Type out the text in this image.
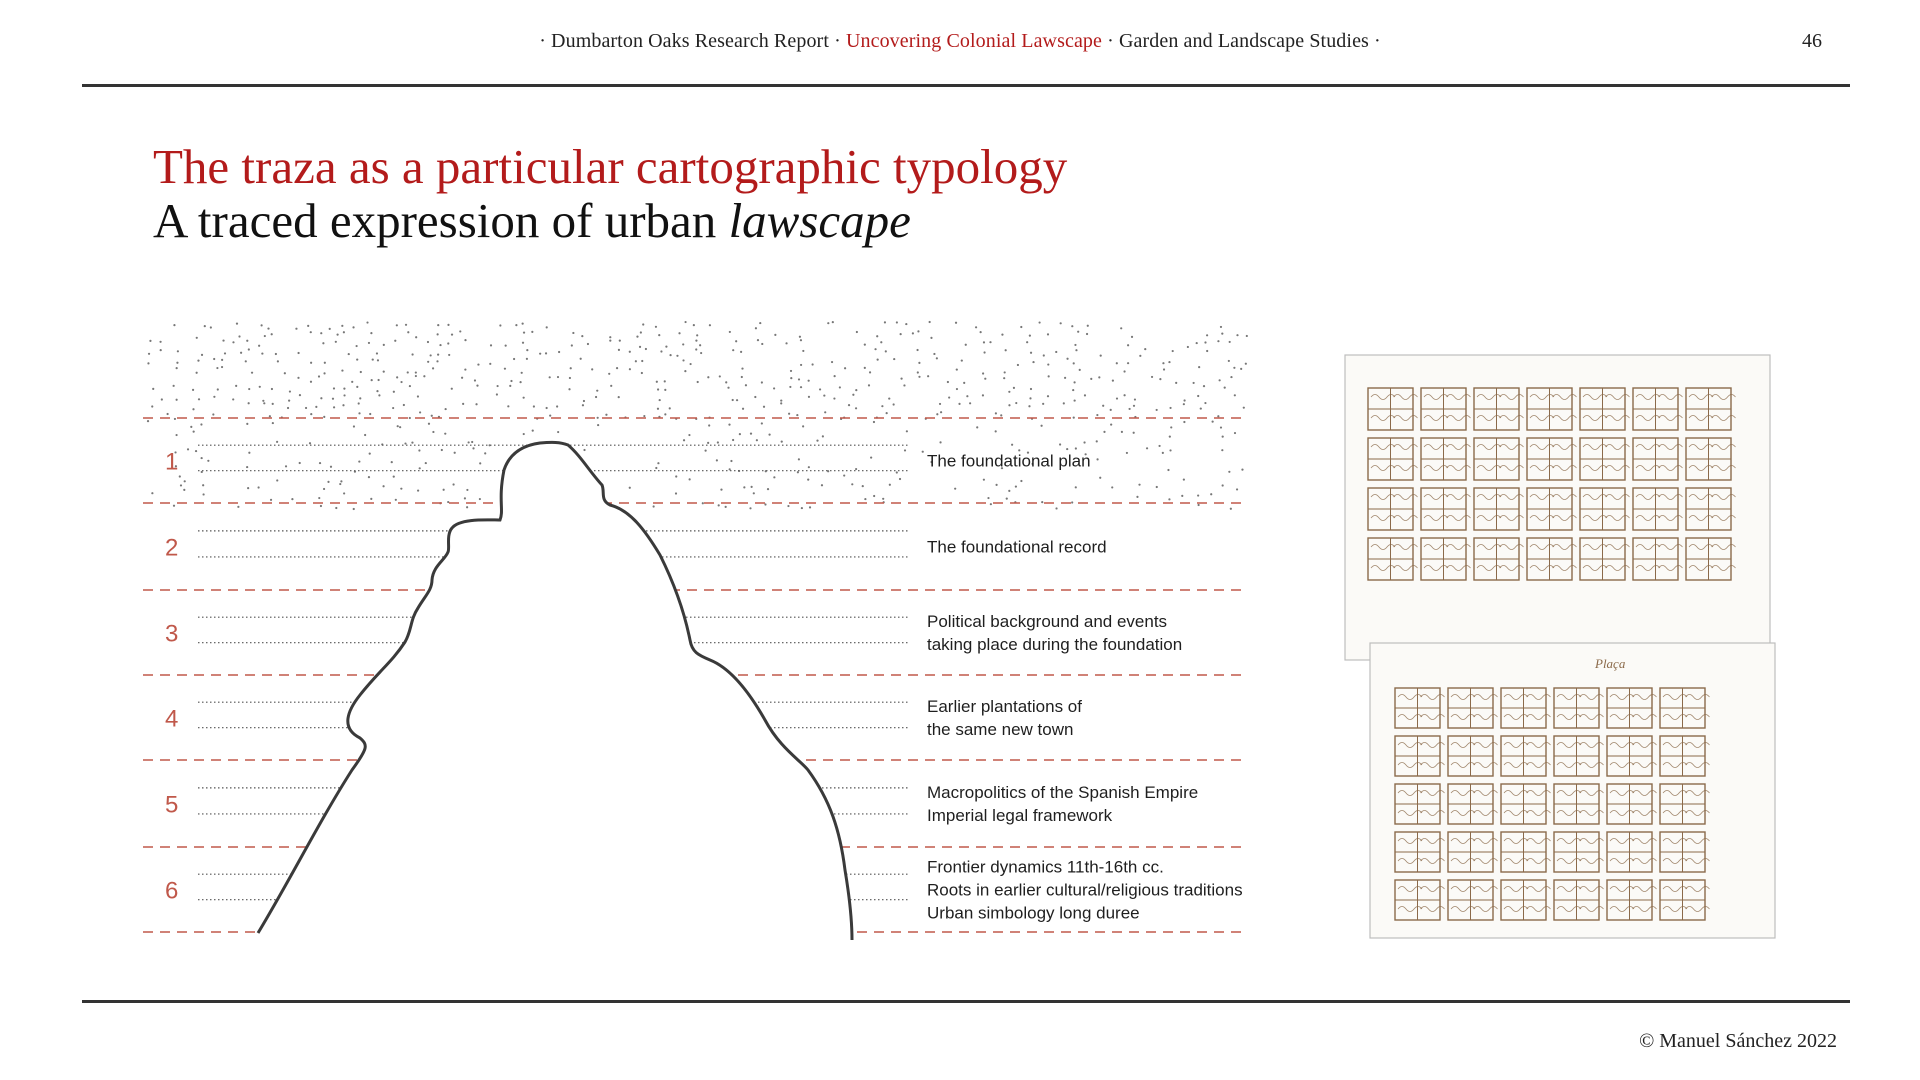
· Dumbarton Oaks Research Report · Uncovering Colonial Lawscape · Garden and Landscape Studies ·	46
The traza as a particular cartographic typology
A traced expression of urban lawscape
1
2
3
4
5
6
The foundational plan
The foundational record
Political background and events
taking place during the foundation
Earlier plantations of
the same new town
Macropolitics of the Spanish Empire
Imperial legal framework
Frontier dynamics 11th-16th cc.
Roots in earlier cultural/religious traditions
Urban simbology long duree
Plaça
© Manuel Sánchez 2022
